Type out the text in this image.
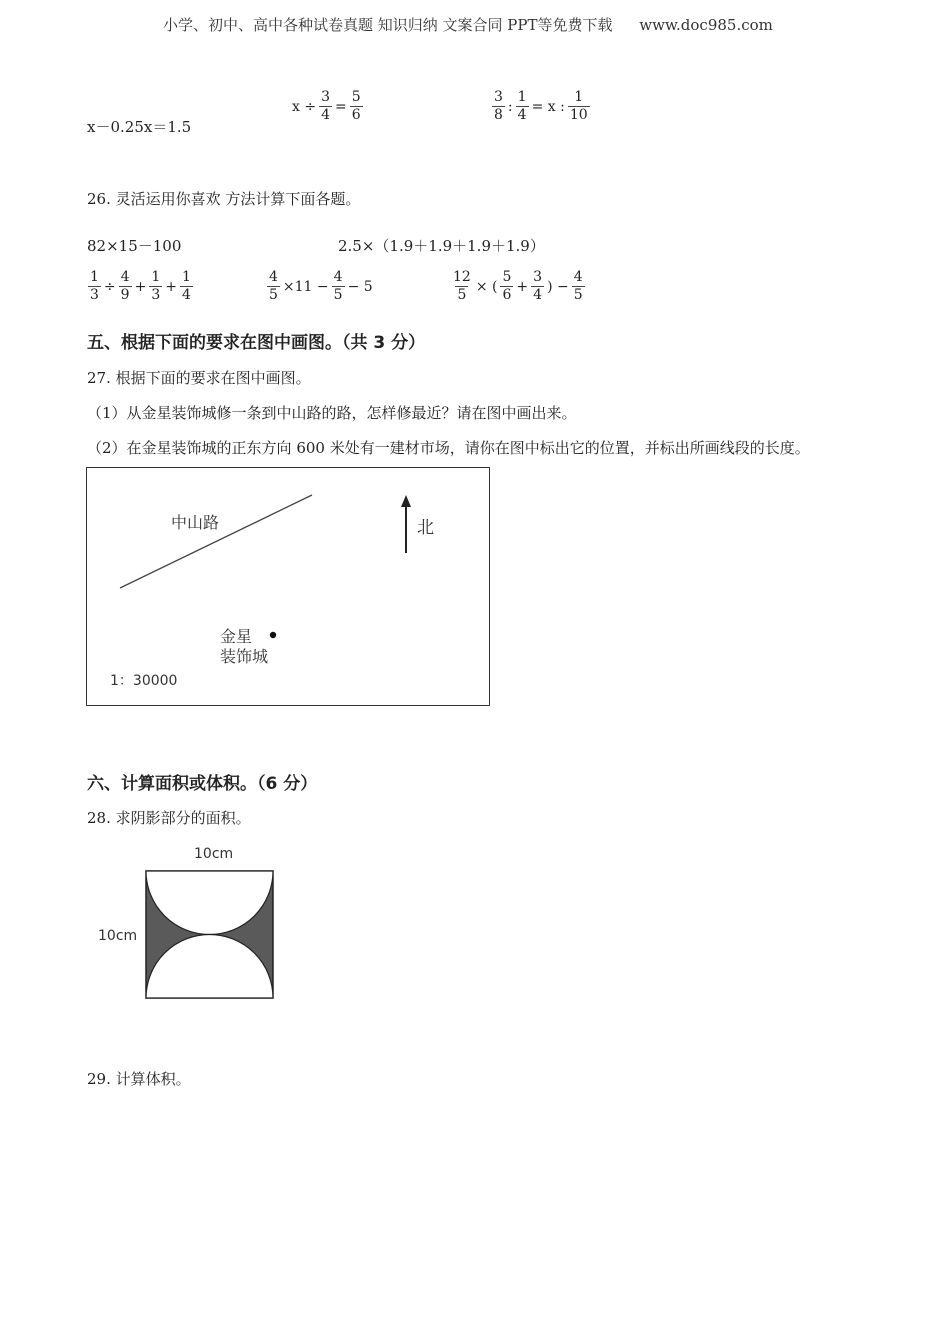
小学、初中、高中各种试卷真题 知识归纳 文案合同 PPT等免费下载 www.doc985.com
x－0.25x＝1.5
$x \div \frac{3}{4} = \frac{5}{6}$	$\frac{3}{8}$ : $\frac{1}{4} = x$ : $\frac{1}{10}$
26. 灵活运用你喜欢 方法计算下面各题。
82×15－100	2.5×（1.9＋1.9＋1.9＋1.9）
$\frac{1}{3} \div \frac{4}{9} + \frac{1}{3} + \frac{1}{4}$	$\frac{4}{5} \times 11 - \frac{4}{5} - 5$	$\frac{12}{5}$ × ( $\frac{5}{6} + \frac{3}{4}$ ) − $\frac{4}{5}$
五、根据下面的要求在图中画图。（共 3 分）
27. 根据下面的要求在图中画图。
（1）从金星装饰城修一条到中山路的路，怎样修最近？请在图中画出来。
（2）在金星装饰城的正东方向 600 米处有一建材市场，请你在图中标出它的位置，并标出所画线段的长度。
中山路	北
金星
装饰城
1：30000
六、计算面积或体积。（6 分）
28. 求阴影部分的面积。
10cm
10cm
29. 计算体积。
